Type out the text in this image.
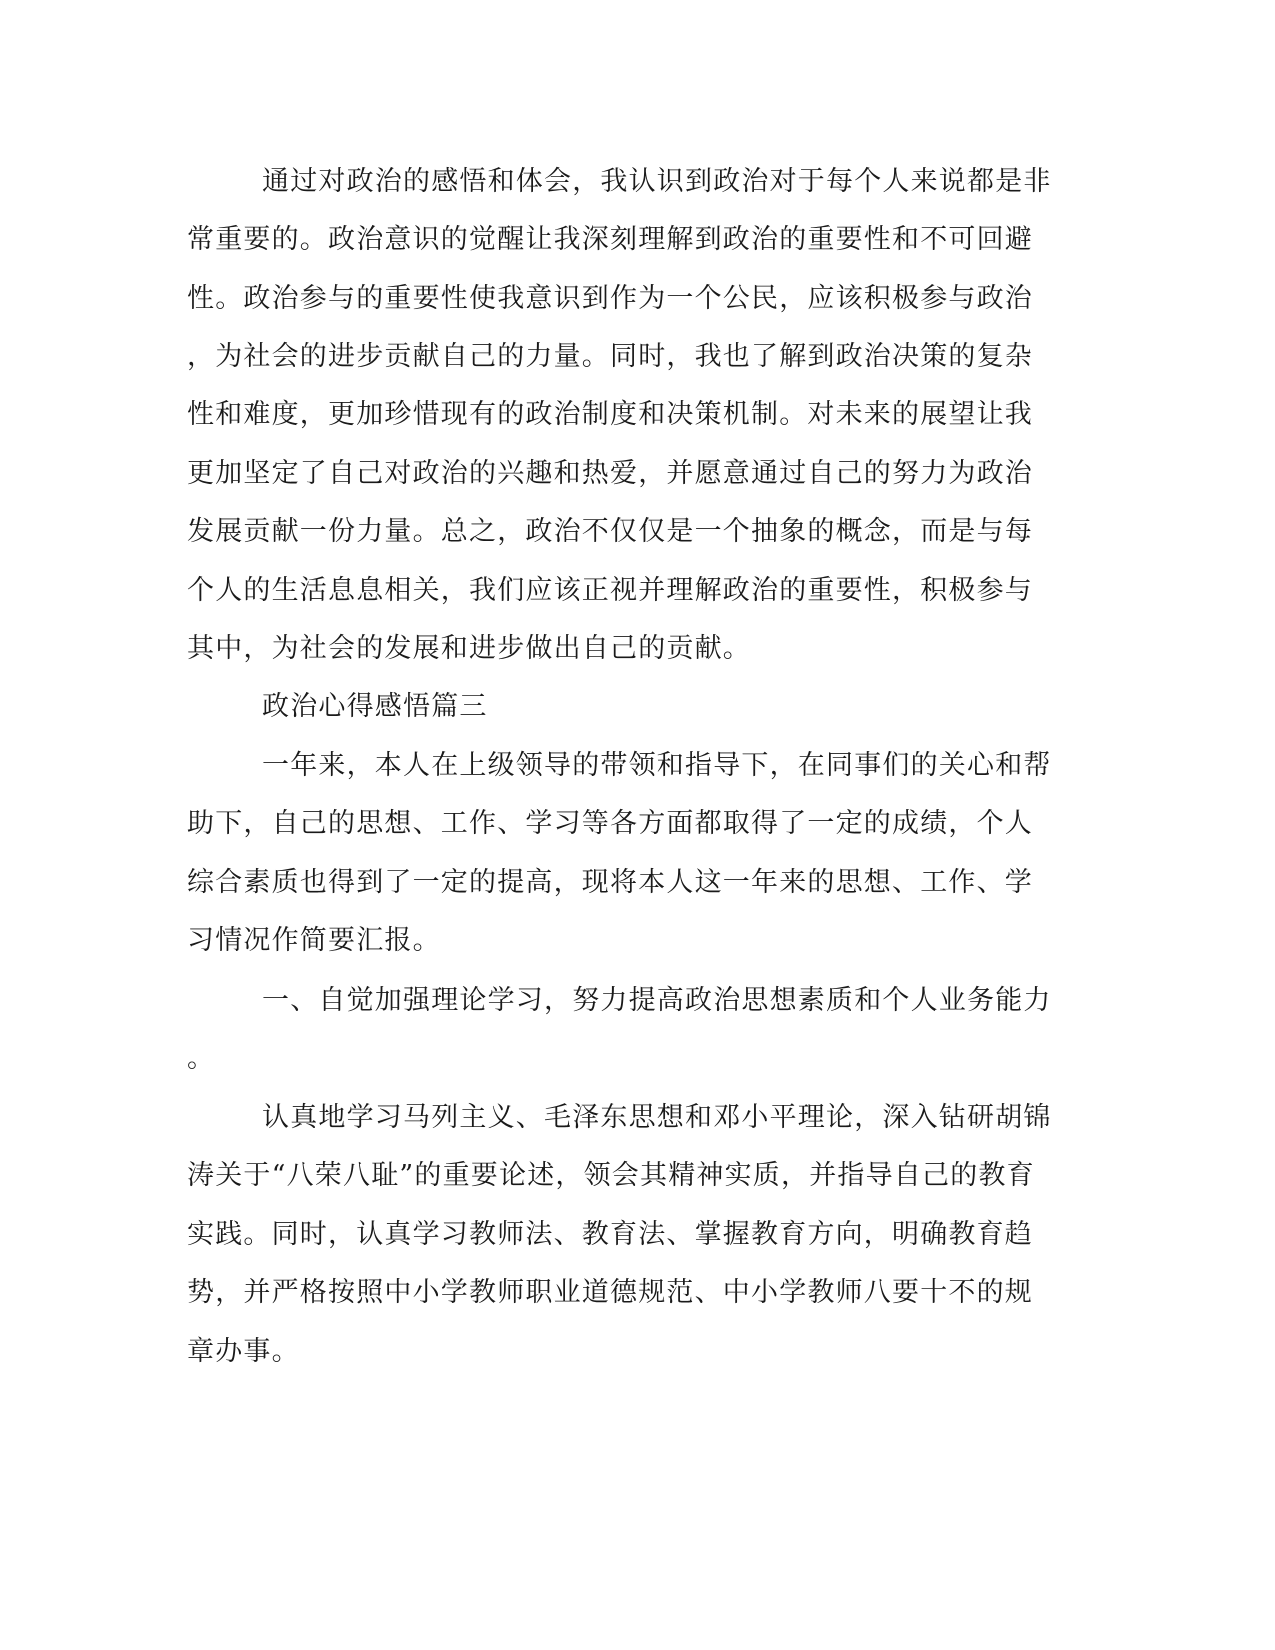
通过对政治的感悟和体会，我认识到政治对于每个人来说都是非
常重要的。政治意识的觉醒让我深刻理解到政治的重要性和不可回避
性。政治参与的重要性使我意识到作为一个公民，应该积极参与政治
，为社会的进步贡献自己的力量。同时，我也了解到政治决策的复杂
性和难度，更加珍惜现有的政治制度和决策机制。对未来的展望让我
更加坚定了自己对政治的兴趣和热爱，并愿意通过自己的努力为政治
发展贡献一份力量。总之，政治不仅仅是一个抽象的概念，而是与每
个人的生活息息相关，我们应该正视并理解政治的重要性，积极参与
其中，为社会的发展和进步做出自己的贡献。
政治心得感悟篇三
一年来，本人在上级领导的带领和指导下，在同事们的关心和帮
助下，自己的思想、工作、学习等各方面都取得了一定的成绩，个人
综合素质也得到了一定的提高，现将本人这一年来的思想、工作、学
习情况作简要汇报。
一、自觉加强理论学习，努力提高政治思想素质和个人业务能力
。
认真地学习马列主义、毛泽东思想和邓小平理论，深入钻研胡锦
涛关于“八荣八耻”的重要论述，领会其精神实质，并指导自己的教育
实践。同时，认真学习教师法、教育法、掌握教育方向，明确教育趋
势，并严格按照中小学教师职业道德规范、中小学教师八要十不的规
章办事。
